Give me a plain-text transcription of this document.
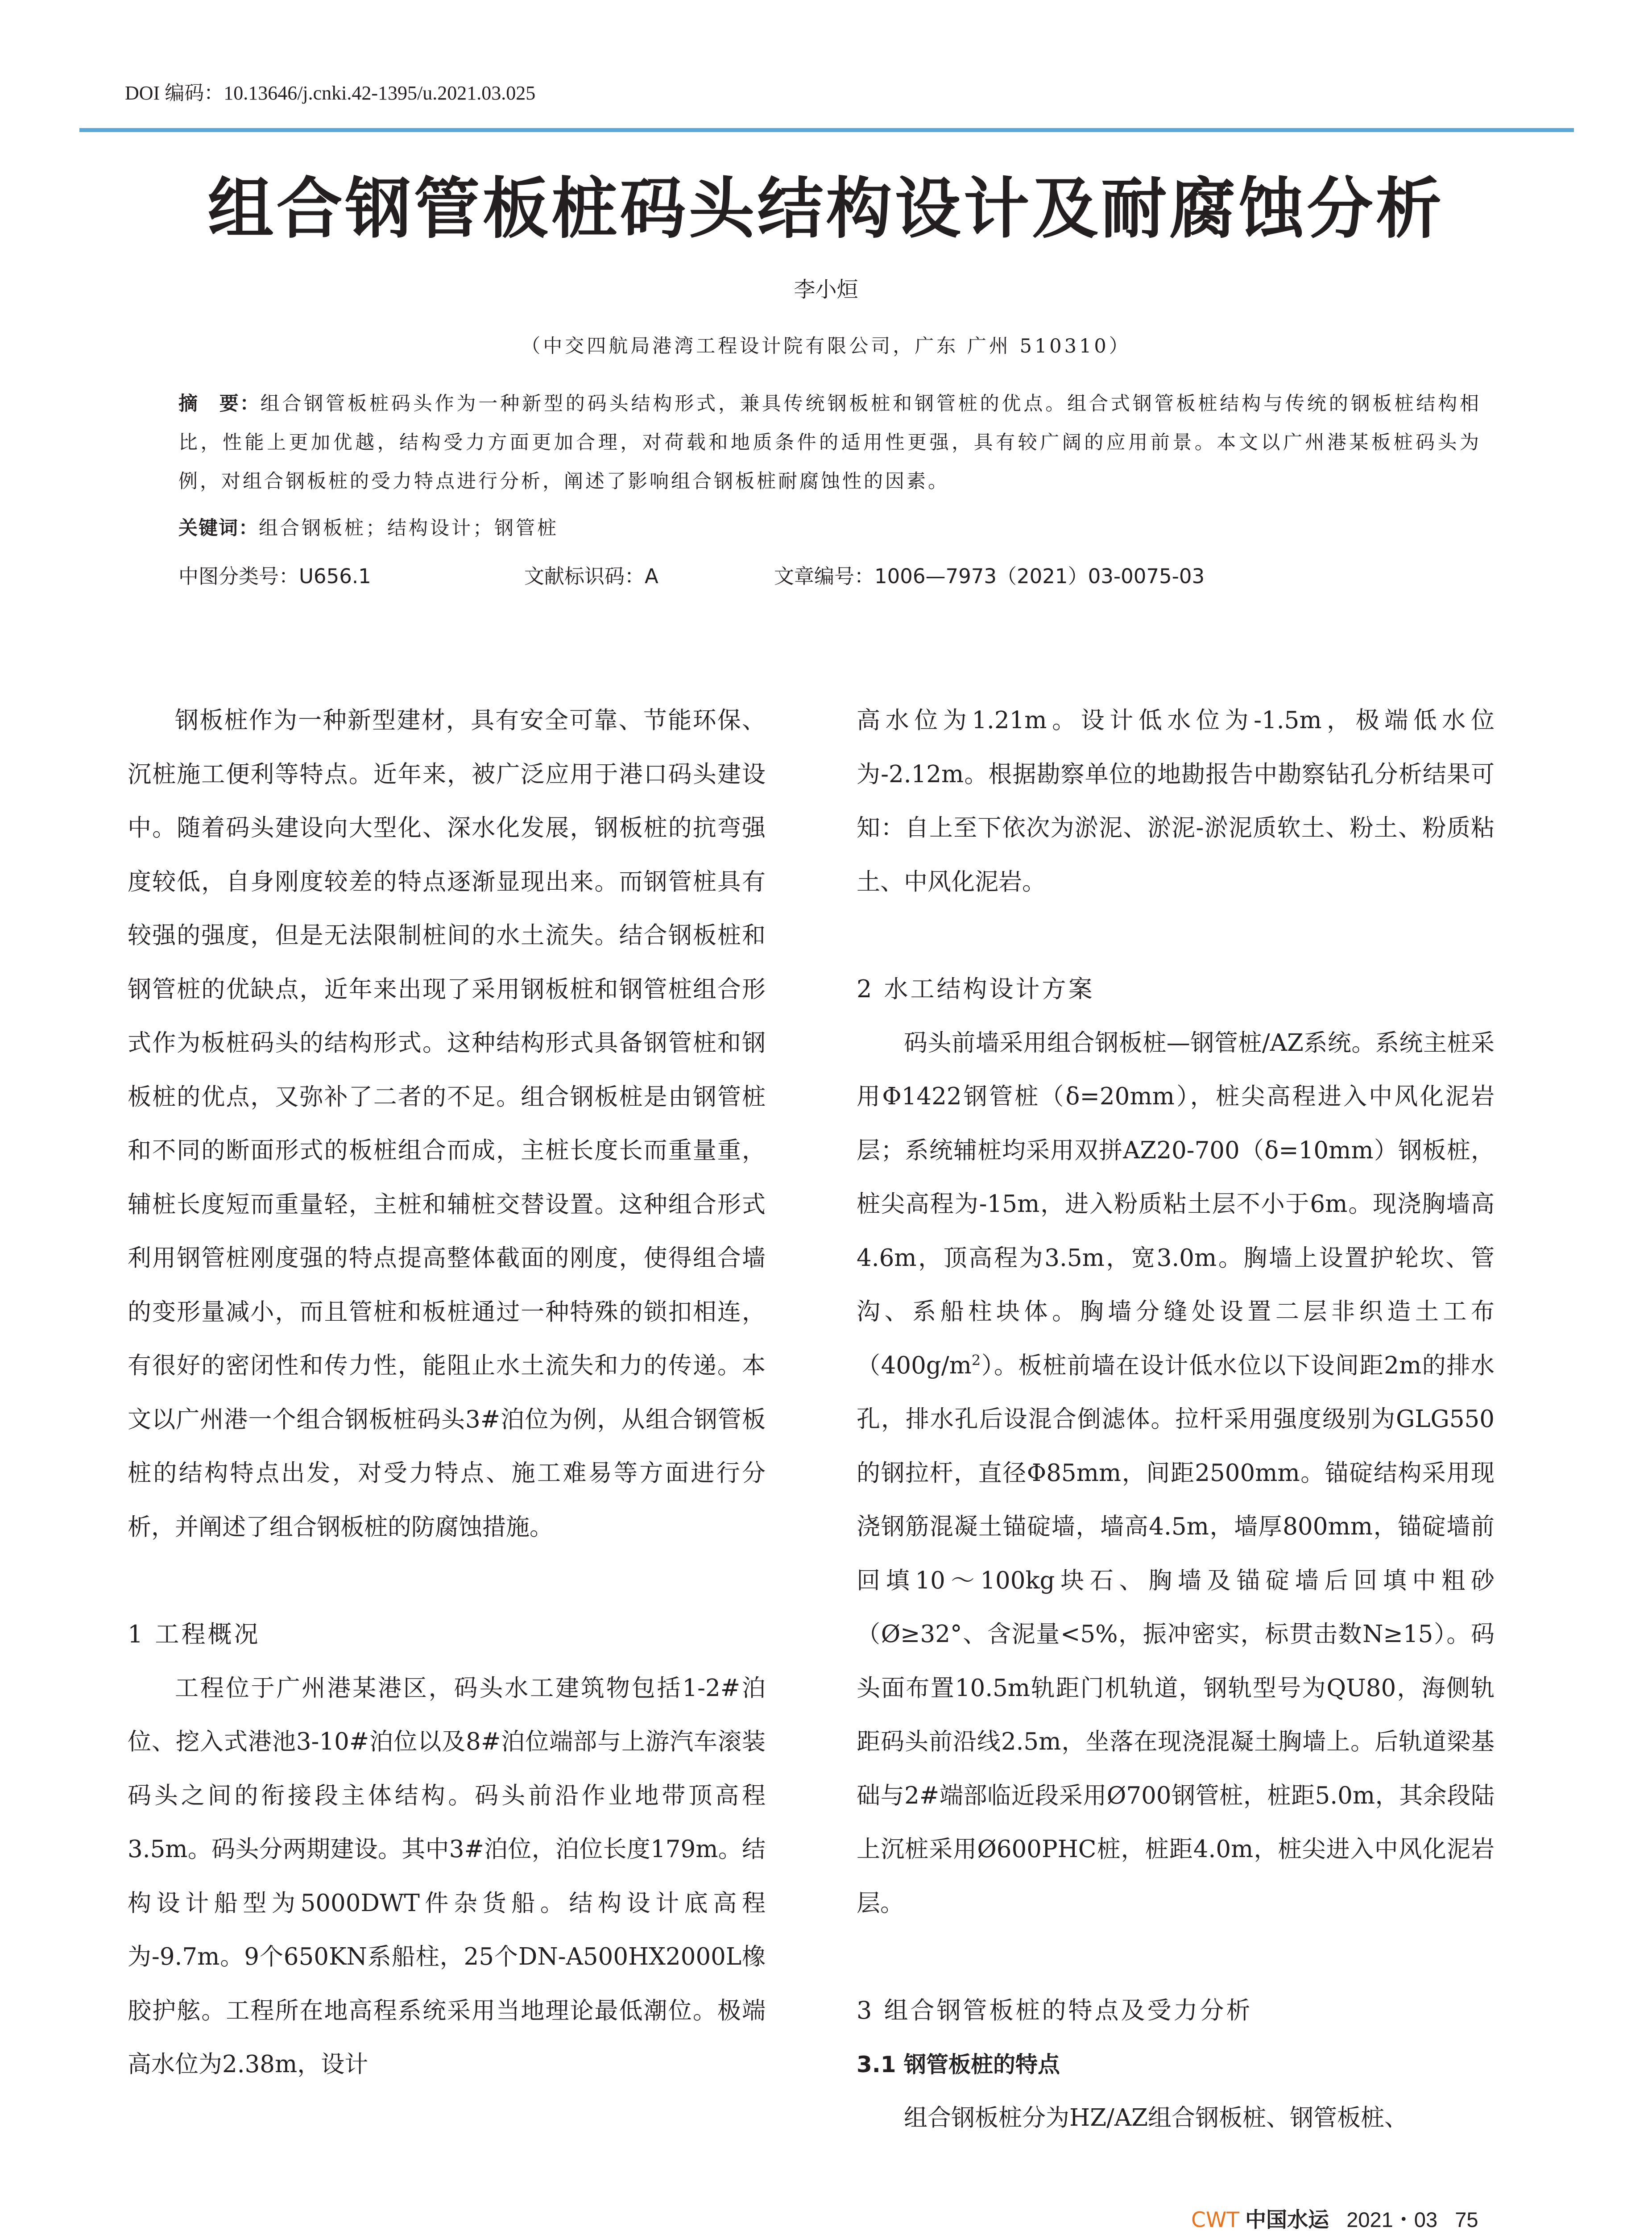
DOI 编码：10.13646/j.cnki.42-1395/u.2021.03.025
组合钢管板桩码头结构设计及耐腐蚀分析
李小烜
（中交四航局港湾工程设计院有限公司，广东 广州 510310）
摘　要：组合钢管板桩码头作为一种新型的码头结构形式，兼具传统钢板桩和钢管桩的优点。组合式钢管板桩结构与传统的钢板桩结构相比，性能上更加优越，结构受力方面更加合理，对荷载和地质条件的适用性更强，具有较广阔的应用前景。本文以广州港某板桩码头为例，对组合钢板桩的受力特点进行分析，阐述了影响组合钢板桩耐腐蚀性的因素。
关键词：组合钢板桩；结构设计；钢管桩
中图分类号：U656.1	文献标识码：A	文章编号：1006—7973（2021）03-0075-03

钢板桩作为一种新型建材，具有安全可靠、节能环保、沉桩施工便利等特点。近年来，被广泛应用于港口码头建设中。随着码头建设向大型化、深水化发展，钢板桩的抗弯强度较低，自身刚度较差的特点逐渐显现出来。而钢管桩具有较强的强度，但是无法限制桩间的水土流失。结合钢板桩和钢管桩的优缺点，近年来出现了采用钢板桩和钢管桩组合形式作为板桩码头的结构形式。这种结构形式具备钢管桩和钢板桩的优点，又弥补了二者的不足。组合钢板桩是由钢管桩和不同的断面形式的板桩组合而成，主桩长度长而重量重，辅桩长度短而重量轻，主桩和辅桩交替设置。这种组合形式利用钢管桩刚度强的特点提高整体截面的刚度，使得组合墙的变形量减小，而且管桩和板桩通过一种特殊的锁扣相连，有很好的密闭性和传力性，能阻止水土流失和力的传递。本文以广州港一个组合钢板桩码头3#泊位为例，从组合钢管板桩的结构特点出发，对受力特点、施工难易等方面进行分析，并阐述了组合钢板桩的防腐蚀措施。

1 工程概况

工程位于广州港某港区，码头水工建筑物包括1-2#泊位、挖入式港池3-10#泊位以及8#泊位端部与上游汽车滚装码头之间的衔接段主体结构。码头前沿作业地带顶高程3.5m。码头分两期建设。其中3#泊位，泊位长度179m。结构设计船型为5000DWT件杂货船。结构设计底高程为-9.7m。9个650KN系船柱，25个DN-A500HX2000L橡胶护舷。工程所在地高程系统采用当地理论最低潮位。极端高水位为2.38m，设计

高水位为1.21m。设计低水位为-1.5m，极端低水位为-2.12m。根据勘察单位的地勘报告中勘察钻孔分析结果可知：自上至下依次为淤泥、淤泥-淤泥质软土、粉土、粉质粘土、中风化泥岩。

2 水工结构设计方案

码头前墙采用组合钢板桩—钢管桩/AZ系统。系统主桩采用Φ1422钢管桩（δ=20mm），桩尖高程进入中风化泥岩层；系统辅桩均采用双拼AZ20-700（δ=10mm）钢板桩，桩尖高程为-15m，进入粉质粘土层不小于6m。现浇胸墙高4.6m，顶高程为3.5m，宽3.0m。胸墙上设置护轮坎、管沟、系船柱块体。胸墙分缝处设置二层非织造土工布$(400g/m^2)$。板桩前墙在设计低水位以下设间距2m的排水孔，排水孔后设混合倒滤体。拉杆采用强度级别为GLG550的钢拉杆，直径Φ85mm，间距2500mm。锚碇结构采用现浇钢筋混凝土锚碇墙，墙高4.5m，墙厚800mm，锚碇墙前回填10～100kg块石、胸墙及锚碇墙后回填中粗砂（Ø≥32°、含泥量<5%，振冲密实，标贯击数N≥15）。码头面布置10.5m轨距门机轨道，钢轨型号为QU80，海侧轨距码头前沿线2.5m，坐落在现浇混凝土胸墙上。后轨道梁基础与2#端部临近段采用Ø700钢管桩，桩距5.0m，其余段陆上沉桩采用Ø600PHC桩，桩距4.0m，桩尖进入中风化泥岩层。

3 组合钢管板桩的特点及受力分析
3.1 钢管板桩的特点

组合钢板桩分为HZ/AZ组合钢板桩、钢管板桩、

CWT 中国水运 2021・03 75
